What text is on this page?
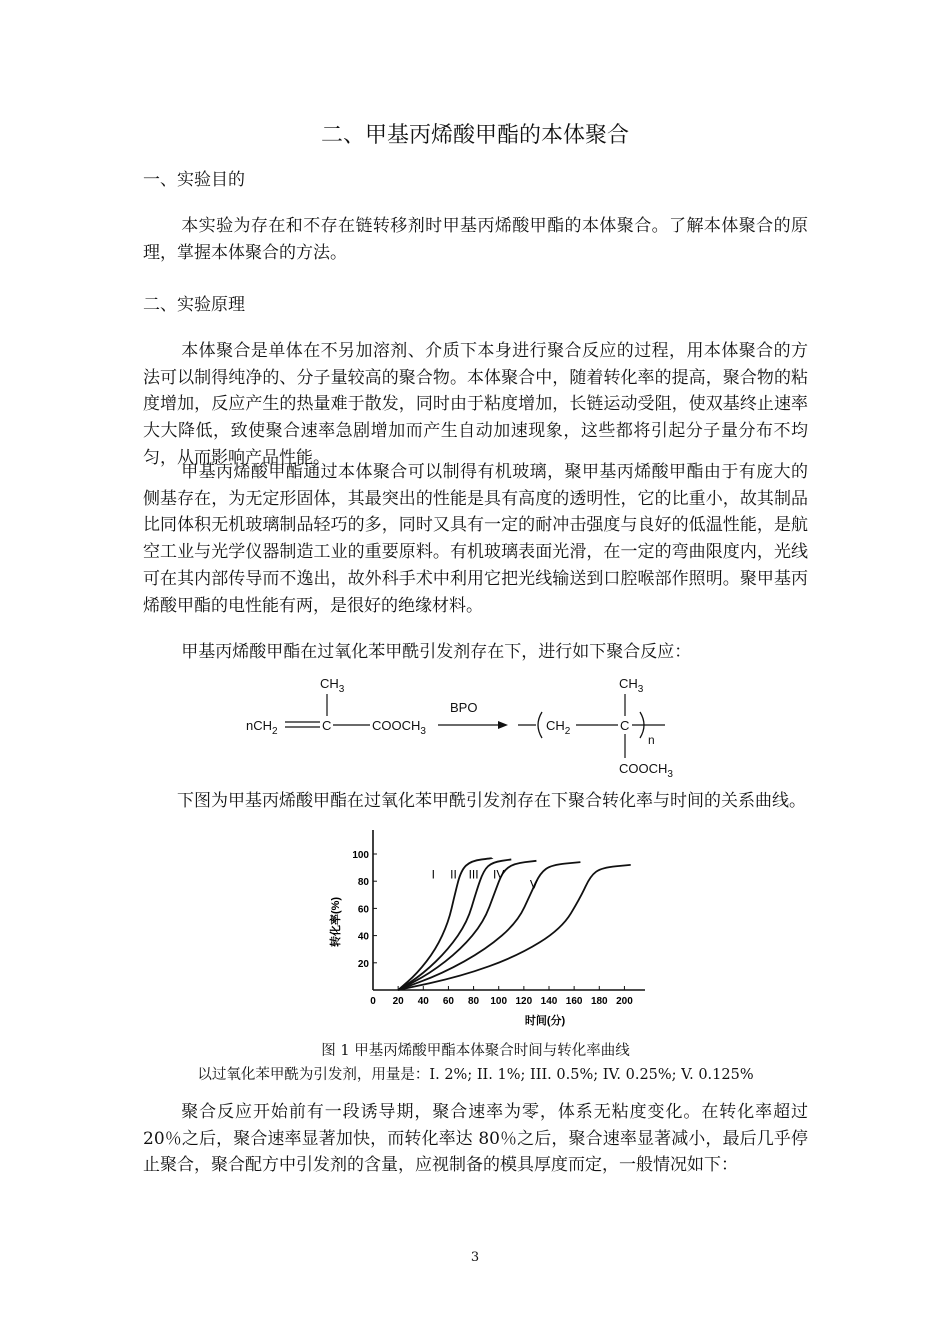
二、甲基丙烯酸甲酯的本体聚合
一、实验目的
本实验为存在和不存在链转移剂时甲基丙烯酸甲酯的本体聚合。了解本体聚合的原理，掌握本体聚合的方法。
二、实验原理
本体聚合是单体在不另加溶剂、介质下本身进行聚合反应的过程，用本体聚合的方法可以制得纯净的、分子量较高的聚合物。本体聚合中，随着转化率的提高，聚合物的粘度增加，反应产生的热量难于散发，同时由于粘度增加，长链运动受阻，使双基终止速率大大降低，致使聚合速率急剧增加而产生自动加速现象，这些都将引起分子量分布不均匀，从而影响产品性能。
甲基丙烯酸甲酯通过本体聚合可以制得有机玻璃，聚甲基丙烯酸甲酯由于有庞大的侧基存在，为无定形固体，其最突出的性能是具有高度的透明性，它的比重小，故其制品比同体积无机玻璃制品轻巧的多，同时又具有一定的耐冲击强度与良好的低温性能，是航空工业与光学仪器制造工业的重要原料。有机玻璃表面光滑，在一定的弯曲限度内，光线可在其内部传导而不逸出，故外科手术中利用它把光线输送到口腔喉部作照明。聚甲基丙烯酸甲酯的电性能有两，是很好的绝缘材料。
甲基丙烯酸甲酯在过氧化苯甲酰引发剂存在下，进行如下聚合反应：
nCH$_2$	C
$CH_3$
$COOCH_3$
BPO
$CH_2$	C
$CH_3$
$COOCH_3$
n
下图为甲基丙烯酸甲酯在过氧化苯甲酰引发剂存在下聚合转化率与时间的关系曲线。
0 20 40 60 80 100 120 140 160 180 200
20
40
60
80
100
时间(分)
转化率(%)
I II III IV
V
图 1 甲基丙烯酸甲酯本体聚合时间与转化率曲线
以过氧化苯甲酰为引发剂，用量是：I. 2%; II. 1%; III. 0.5%; IV. 0.25%; V. 0.125%
聚合反应开始前有一段诱导期，聚合速率为零，体系无粘度变化。在转化率超过 20％之后，聚合速率显著加快，而转化率达 80％之后，聚合速率显著减小，最后几乎停止聚合，聚合配方中引发剂的含量，应视制备的模具厚度而定，一般情况如下：
3
